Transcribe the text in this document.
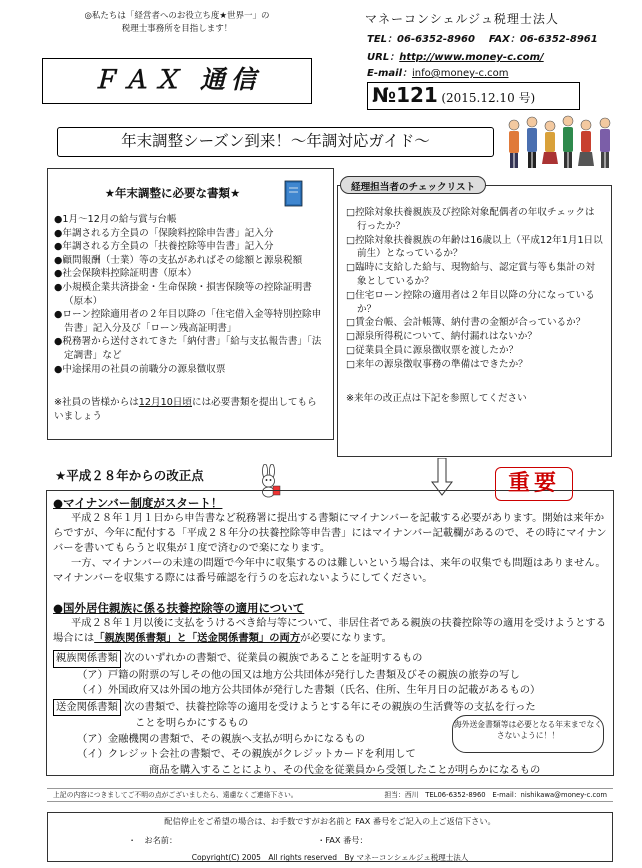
◎私たちは「経営者へのお役立ち度★世界一」の
税理士事務所を目指します！
ＦＡＸ 通信
マネーコンシェルジュ税理士法人
TEL：06-6352-8960 FAX：06-6352-8961
URL：http://www.money-c.com/
E-mail：info@money-c.com
№121 (2015.12.10 号)
年末調整シーズン到来！～年調対応ガイド～
★年末調整に必要な書類★
●1月～12月の給与賞与台帳
●年調される方全員の「保険料控除申告書」記入分
●年調される方全員の「扶養控除等申告書」記入分
●顧問報酬（士業）等の支払があればその総額と源泉税額
●社会保険料控除証明書（原本）
●小規模企業共済掛金・生命保険・損害保険等の控除証明書（原本）
●ローン控除適用者の２年目以降の「住宅借入金等特別控除申告書」記入分及び「ローン残高証明書」
●税務署から送付されてきた「納付書」「給与支払報告書」「法定調書」など
●中途採用の社員の前職分の源泉徴収票
※社員の皆様からは12月10日頃には必要書類を提出してもらいましょう
□控除対象扶養親族及び控除対象配偶者の年収チェックは行ったか？
□控除対象扶養親族の年齢は16歳以上（平成12年1月1日以前生）となっているか？
□臨時に支給した給与、現物給与、認定賞与等も集計の対象としているか？
□住宅ローン控除の適用者は２年目以降の分になっているか？
□賃金台帳、会計帳簿、納付書の金額が合っているか？
□源泉所得税について、納付漏れはないか？
□従業員全員に源泉徴収票を渡したか？
□来年の源泉徴収事務の準備はできたか？
※来年の改正点は下記を参照してください
経理担当者のチェックリスト
★平成２８年からの改正点
●マイナンバー制度がスタート！
平成２８年１月１日から申告書など税務署に提出する書類にマイナンバーを記載する必要があります。開始は来年からですが、今年に配付する「平成２８年分の扶養控除等申告書」にはマイナンバー記載欄があるので、その時にマイナンバーを書いてもらうと収集が１度で済むので楽になります。
一方、マイナンバーの未達の問題で今年中に収集するのは難しいという場合は、来年の収集でも問題はありません。マイナンバーを収集する際には番号確認を行うのを忘れないようにしてください。
●国外居住親族に係る扶養控除等の適用について
平成２８年１月以後に支払をうけるべき給与等について、非居住者である親族の扶養控除等の適用を受けようとする場合には「親族関係書類」と「送金関係書類」の両方が必要になります。
親族関係書類 次のいずれかの書類で、従業員の親族であることを証明するもの
（ア）戸籍の附票の写しその他の国又は地方公共団体が発行した書類及びその親族の旅券の写し
（イ）外国政府又は外国の地方公共団体が発行した書類（氏名、住所、生年月日の記載があるもの）
送金関係書類 次の書類で、扶養控除等の適用を受けようとする年にその親族の生活費等の支払を行った
ことを明らかにするもの
（ア）金融機関の書類で、その親族へ支払が明らかになるもの
（イ）クレジット会社の書類で、その親族がクレジットカードを利用して
商品を購入することにより、その代金を従業員から受領したことが明らかになるもの
重要
海外送金書類等は必要となる年末までなくさないように！！
上記の内容につきましてご不明の点がございましたら、遠慮なくご連絡下さい。	担当：西川　TEL06-6352-8960　E-mail：nishikawa@money-c.com
配信停止をご希望の場合は、お手数ですがお名前と FAX 番号をご記入の上ご返信下さい。
・　お名前：	・FAX 番号：
Copyright(C) 2005　All rights reserved　By マネーコンシェルジュ税理士法人
